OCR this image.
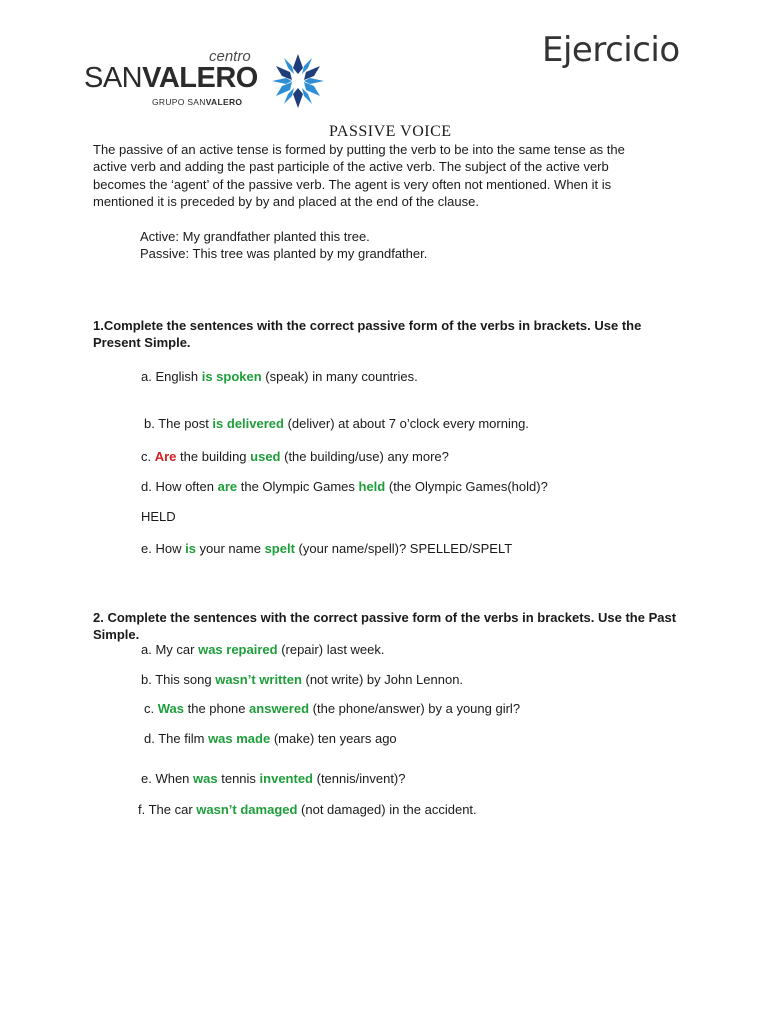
centro
SANVALERO
GRUPO SANVALERO
Ejercicio
PASSIVE VOICE
The passive of an active tense is formed by putting the verb to be into the same tense as the
active verb and adding the past participle of the active verb. The subject of the active verb
becomes the ‘agent’ of the passive verb. The agent is very often not mentioned. When it is
mentioned it is preceded by by and placed at the end of the clause.
Active: My grandfather planted this tree.
Passive: This tree was planted by my grandfather.
1.Complete the sentences with the correct passive form of the verbs in brackets. Use the Present Simple.
a. English is spoken (speak) in many countries.
b. The post is delivered (deliver) at about 7 o’clock every morning.
c. Are the building used (the building/use) any more?
d. How often are the Olympic Games held (the Olympic Games(hold)?
HELD
e. How is your name spelt (your name/spell)? SPELLED/SPELT
2. Complete the sentences with the correct passive form of the verbs in brackets. Use the Past Simple.
a. My car was repaired (repair) last week.
b. This song wasn’t written (not write) by John Lennon.
c. Was the phone answered (the phone/answer) by a young girl?
d. The film was made (make) ten years ago
e. When was tennis invented (tennis/invent)?
f. The car wasn’t damaged (not damaged) in the accident.
